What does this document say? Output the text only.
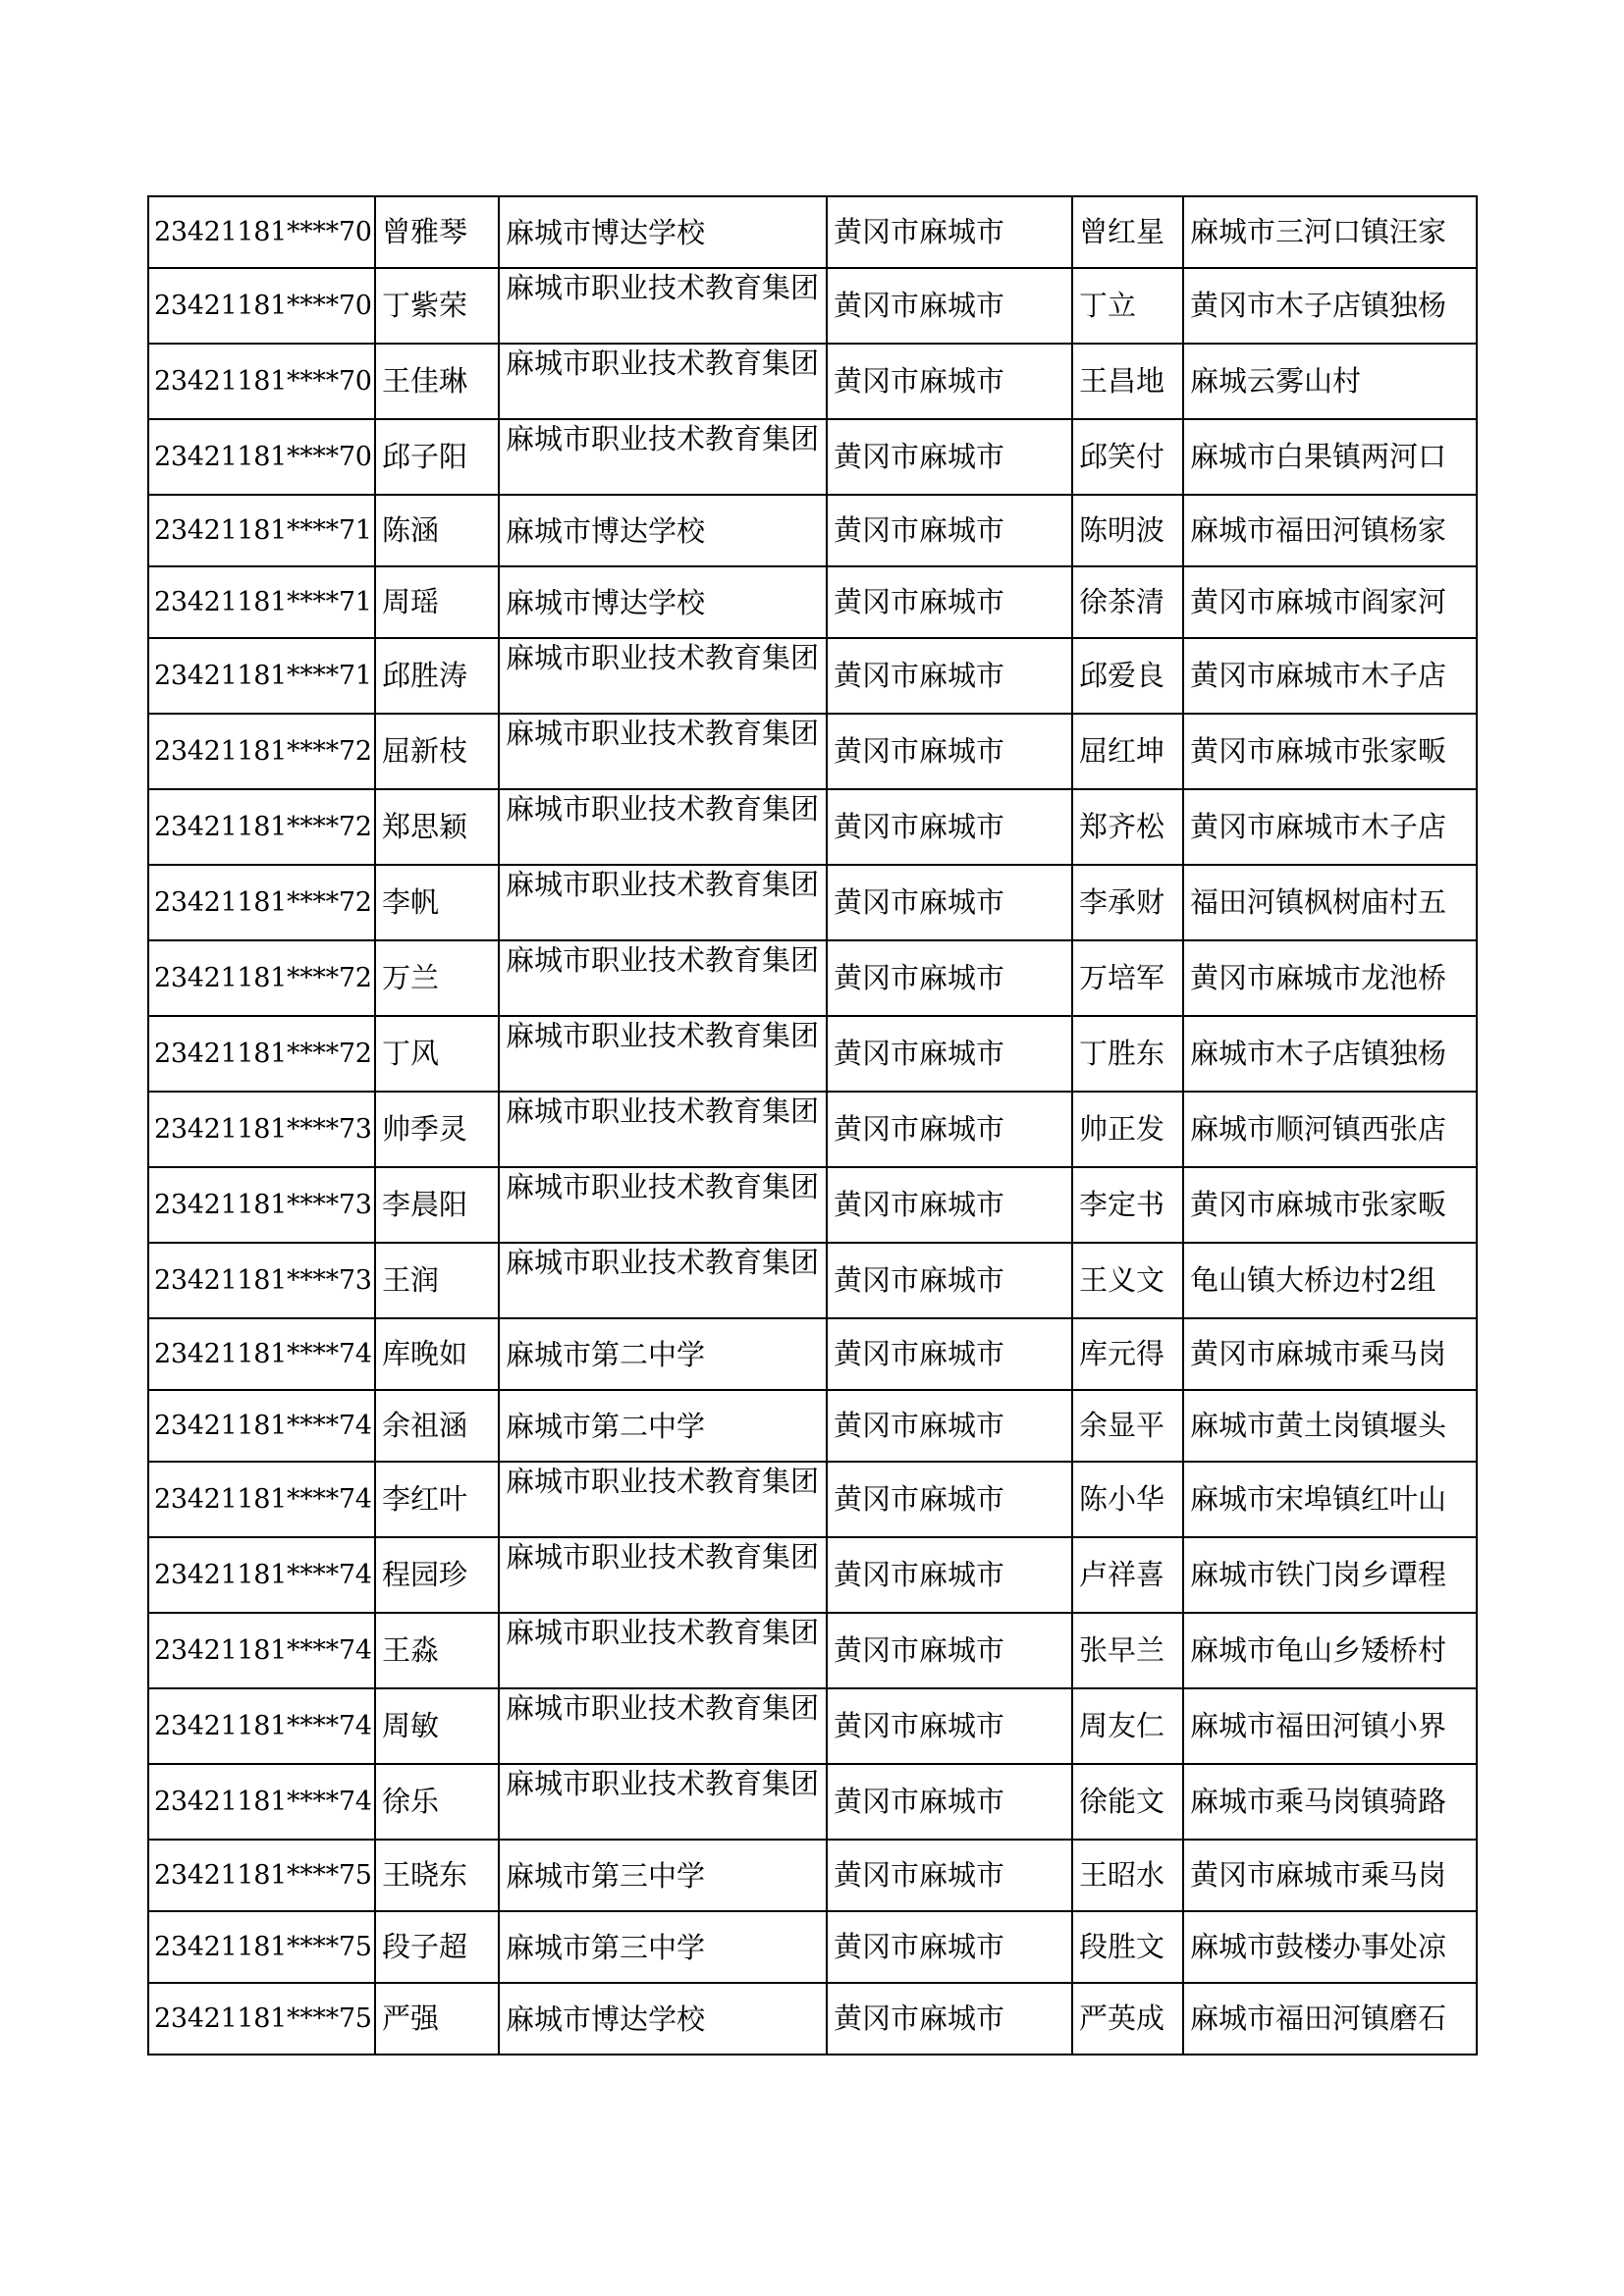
23421181****70	曾雅琴	麻城市博达学校	黄冈市麻城市	曾红星	麻城市三河口镇汪家
23421181****70	丁紫荣	麻城市职业技术教育集团	黄冈市麻城市	丁立	黄冈市木子店镇独杨
23421181****70	王佳琳	麻城市职业技术教育集团	黄冈市麻城市	王昌地	麻城云雾山村
23421181****70	邱子阳	麻城市职业技术教育集团	黄冈市麻城市	邱笑付	麻城市白果镇两河口
23421181****71	陈涵	麻城市博达学校	黄冈市麻城市	陈明波	麻城市福田河镇杨家
23421181****71	周瑶	麻城市博达学校	黄冈市麻城市	徐茶清	黄冈市麻城市阎家河
23421181****71	邱胜涛	麻城市职业技术教育集团	黄冈市麻城市	邱爱良	黄冈市麻城市木子店
23421181****72	屈新枝	麻城市职业技术教育集团	黄冈市麻城市	屈红坤	黄冈市麻城市张家畈
23421181****72	郑思颖	麻城市职业技术教育集团	黄冈市麻城市	郑齐松	黄冈市麻城市木子店
23421181****72	李帆	麻城市职业技术教育集团	黄冈市麻城市	李承财	福田河镇枫树庙村五
23421181****72	万兰	麻城市职业技术教育集团	黄冈市麻城市	万培军	黄冈市麻城市龙池桥
23421181****72	丁风	麻城市职业技术教育集团	黄冈市麻城市	丁胜东	麻城市木子店镇独杨
23421181****73	帅季灵	麻城市职业技术教育集团	黄冈市麻城市	帅正发	麻城市顺河镇西张店
23421181****73	李晨阳	麻城市职业技术教育集团	黄冈市麻城市	李定书	黄冈市麻城市张家畈
23421181****73	王润	麻城市职业技术教育集团	黄冈市麻城市	王义文	龟山镇大桥边村2组
23421181****74	库晚如	麻城市第二中学	黄冈市麻城市	库元得	黄冈市麻城市乘马岗
23421181****74	余祖涵	麻城市第二中学	黄冈市麻城市	余显平	麻城市黄土岗镇堰头
23421181****74	李红叶	麻城市职业技术教育集团	黄冈市麻城市	陈小华	麻城市宋埠镇红叶山
23421181****74	程园珍	麻城市职业技术教育集团	黄冈市麻城市	卢祥喜	麻城市铁门岗乡谭程
23421181****74	王淼	麻城市职业技术教育集团	黄冈市麻城市	张早兰	麻城市龟山乡矮桥村
23421181****74	周敏	麻城市职业技术教育集团	黄冈市麻城市	周友仁	麻城市福田河镇小界
23421181****74	徐乐	麻城市职业技术教育集团	黄冈市麻城市	徐能文	麻城市乘马岗镇骑路
23421181****75	王晓东	麻城市第三中学	黄冈市麻城市	王昭水	黄冈市麻城市乘马岗
23421181****75	段子超	麻城市第三中学	黄冈市麻城市	段胜文	麻城市鼓楼办事处凉
23421181****75	严强	麻城市博达学校	黄冈市麻城市	严英成	麻城市福田河镇磨石
